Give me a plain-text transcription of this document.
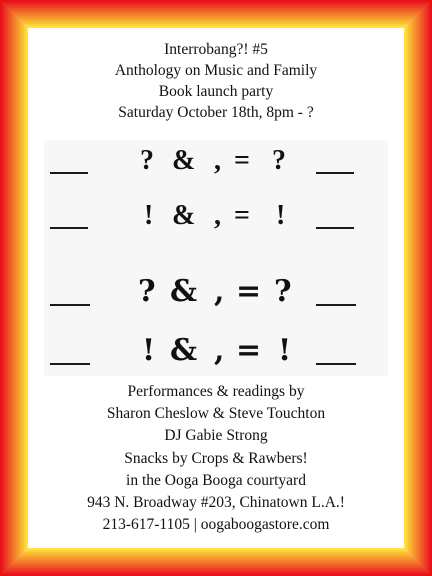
Interrobang?! #5
Anthology on Music and Family
Book launch party
Saturday October 18th, 8pm - ?
? & , = ?
! & , = !
? & , = ?
! & , = !
Performances & readings by
Sharon Cheslow & Steve Touchton
DJ Gabie Strong
Snacks by Crops & Rawbers!
in the Ooga Booga courtyard
943 N. Broadway #203, Chinatown L.A.!
213-617-1105 | oogaboogastore.com
